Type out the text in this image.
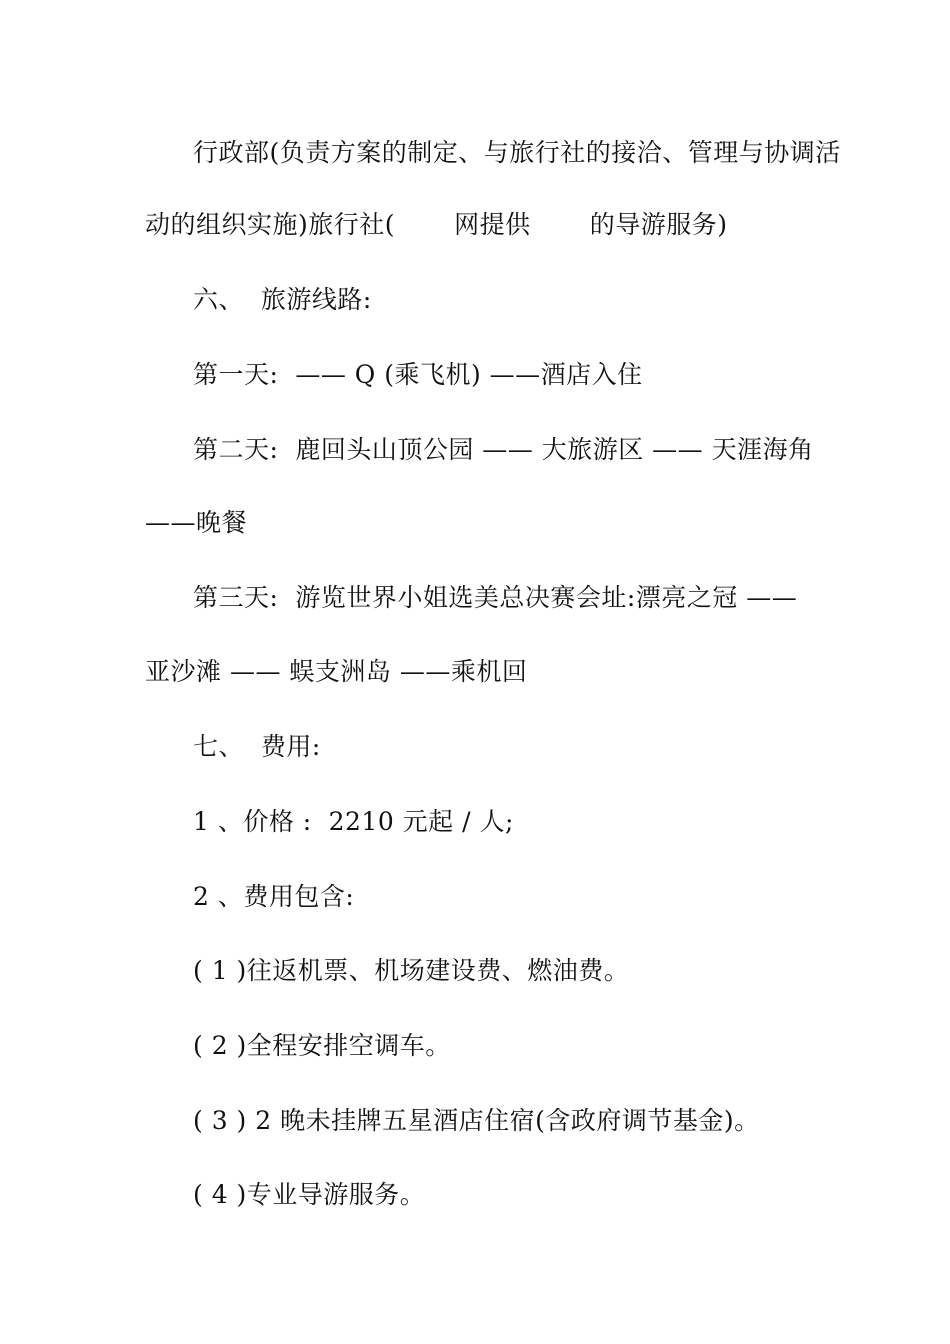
行政部(负责方案的制定、与旅行社的接洽、管理与协调活

动的组织实施)旅行社(       网提供       的导游服务)

六、  旅游线路:

第一天:  —— Q (乘飞机) ——酒店入住

第二天:  鹿回头山顶公园 —— 大旅游区 —— 天涯海角

——晚餐

第三天:  游览世界小姐选美总决赛会址:漂亮之冠 ——

亚沙滩 —— 蜈支洲岛 ——乘机回

七、  费用:

1 、价格 :  2210 元起 / 人;

2 、费用包含:

( 1 )往返机票、机场建设费、燃油费。

( 2 )全程安排空调车。

( 3 ) 2 晚未挂牌五星酒店住宿(含政府调节基金)。

( 4 )专业导游服务。
